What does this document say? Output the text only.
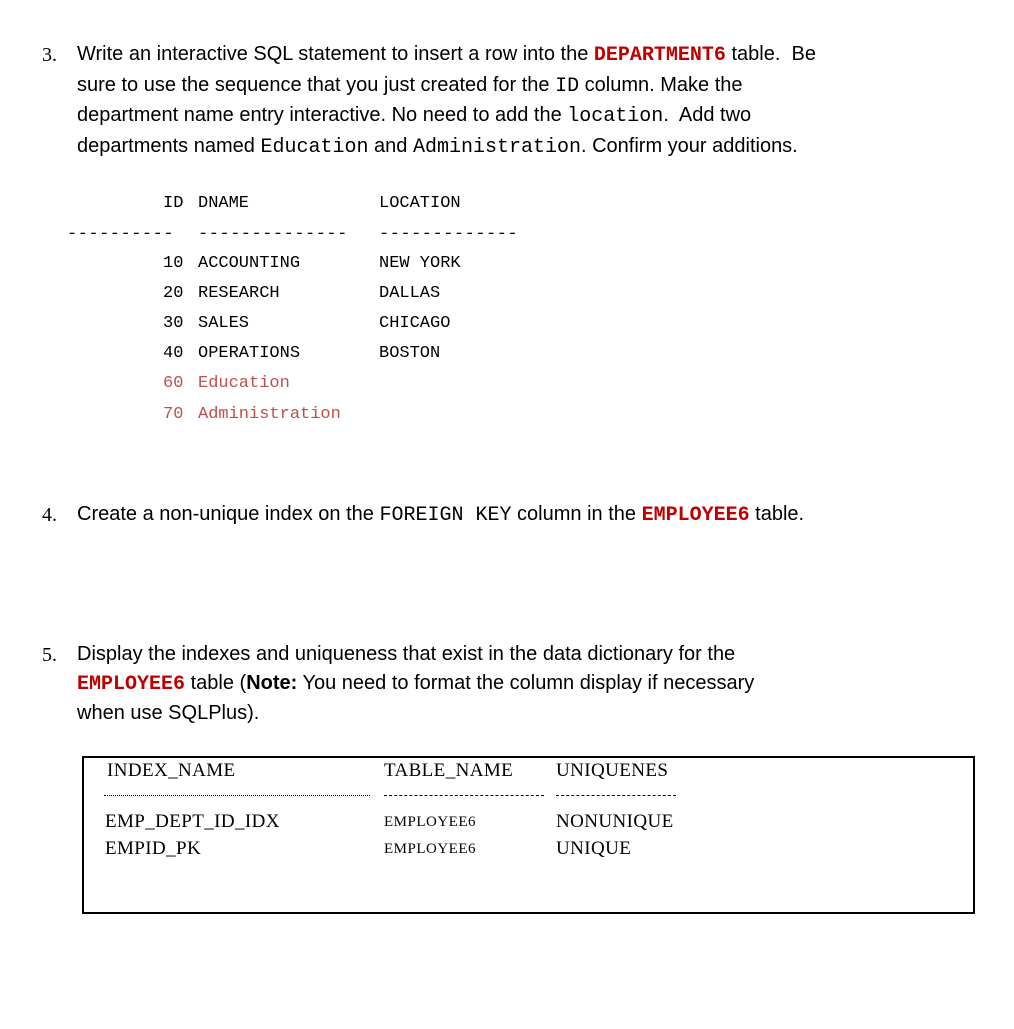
3. Write an interactive SQL statement to insert a row into the DEPARTMENT6 table.  Be
sure to use the sequence that you just created for the ID column. Make the
department name entry interactive. No need to add the location.  Add two
departments named Education and Administration. Confirm your additions.
ID DNAME	LOCATION
---------- -------------- -------------
10 ACCOUNTING	NEW YORK
20 RESEARCH	DALLAS
30 SALES	CHICAGO
40 OPERATIONS	BOSTON
60 Education
70 Administration
4. Create a non-unique index on the FOREIGN KEY column in the EMPLOYEE6 table.
5. Display the indexes and uniqueness that exist in the data dictionary for the
EMPLOYEE6 table (Note: You need to format the column display if necessary
when use SQLPlus).
INDEX_NAME	TABLE_NAME UNIQUENES
EMP_DEPT_ID_IDX	EMPLOYEE6	NONUNIQUE
EMPID_PK	EMPLOYEE6	UNIQUE
